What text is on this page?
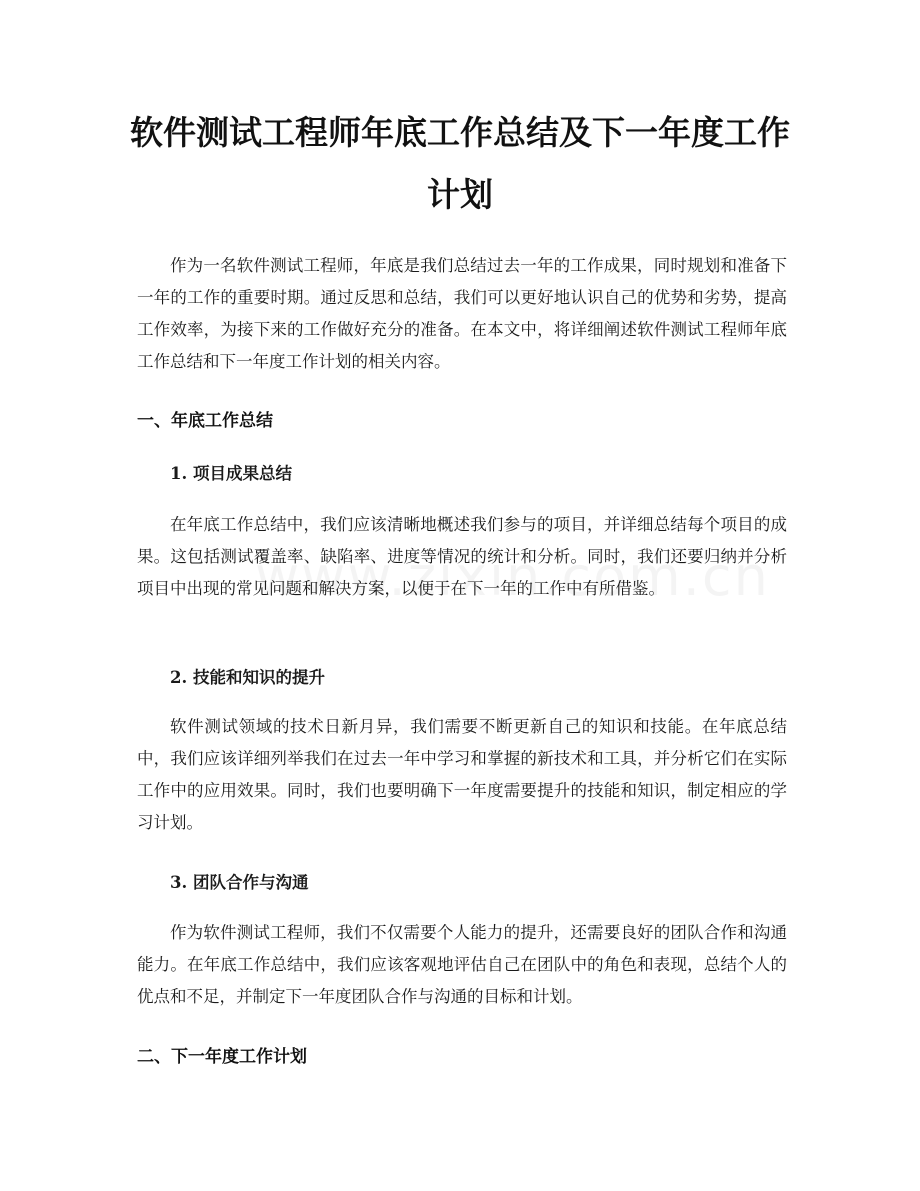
软件测试工程师年底工作总结及下一年度工作计划

作为一名软件测试工程师，年底是我们总结过去一年的工作成果，同时规划和准备下一年的工作的重要时期。通过反思和总结，我们可以更好地认识自己的优势和劣势，提高工作效率，为接下来的工作做好充分的准备。在本文中，将详细阐述软件测试工程师年底工作总结和下一年度工作计划的相关内容。

一、年底工作总结
1. 项目成果总结

在年底工作总结中，我们应该清晰地概述我们参与的项目，并详细总结每个项目的成果。这包括测试覆盖率、缺陷率、进度等情况的统计和分析。同时，我们还要归纳并分析项目中出现的常见问题和解决方案，以便于在下一年的工作中有所借鉴。

2. 技能和知识的提升

软件测试领域的技术日新月异，我们需要不断更新自己的知识和技能。在年底总结中，我们应该详细列举我们在过去一年中学习和掌握的新技术和工具，并分析它们在实际工作中的应用效果。同时，我们也要明确下一年度需要提升的技能和知识，制定相应的学习计划。

3. 团队合作与沟通

作为软件测试工程师，我们不仅需要个人能力的提升，还需要良好的团队合作和沟通能力。在年底工作总结中，我们应该客观地评估自己在团队中的角色和表现，总结个人的优点和不足，并制定下一年度团队合作与沟通的目标和计划。

二、下一年度工作计划
